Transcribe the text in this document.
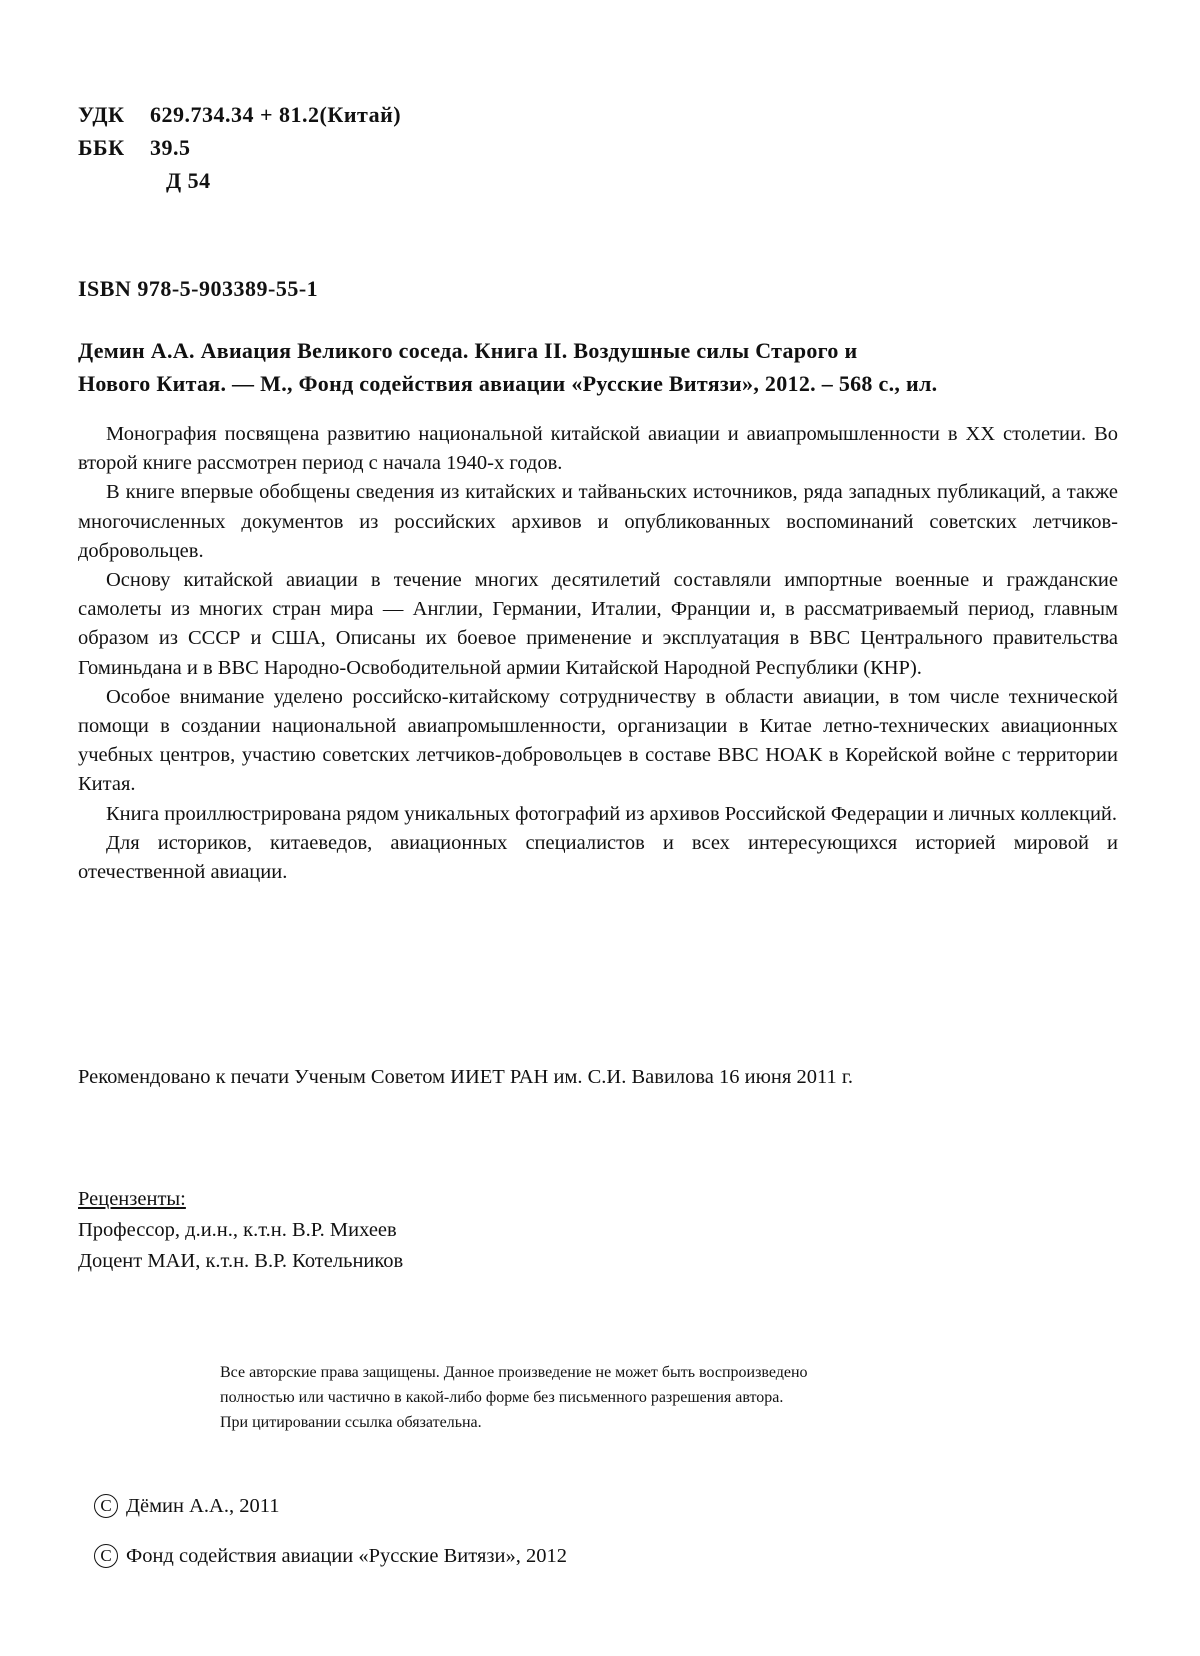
УДК	629.734.34 + 81.2(Китай)
ББК	39.5
Д 54
ISBN 978-5-903389-55-1
Демин А.А. Авиация Великого соседа. Книга II. Воздушные силы Старого и
Нового Китая. — М., Фонд содействия авиации «Русские Витязи», 2012. – 568 с., ил.

Монография посвящена развитию национальной китайской авиации и авиапромышленности в XX столетии. Во второй книге рассмотрен период с начала 1940-х годов.

В книге впервые обобщены сведения из китайских и тайваньских источников, ряда западных публикаций, а также многочисленных документов из российских архивов и опубликованных воспоминаний советских летчиков-добровольцев.

Основу китайской авиации в течение многих десятилетий составляли импортные военные и гражданские самолеты из многих стран мира — Англии, Германии, Италии, Франции и, в рассматриваемый период, главным образом из СССР и США, Описаны их боевое применение и эксплуатация в ВВС Центрального правительства Гоминьдана и в ВВС Народно-Освободительной армии Китайской Народной Республики (КНР).

Особое внимание уделено российско-китайскому сотрудничеству в области авиации, в том числе технической помощи в создании национальной авиапромышленности, организации в Китае летно-технических авиационных учебных центров, участию советских летчиков-добровольцев в составе ВВС НОАК в Корейской войне с территории Китая.

Книга проиллюстрирована рядом уникальных фотографий из архивов Российской Федерации и личных коллекций.

Для историков, китаеведов, авиационных специалистов и всех интересующихся историей мировой и отечественной авиации.

Рекомендовано к печати Ученым Советом ИИЕТ РАН им. С.И. Вавилова 16 июня 2011 г.
Рецензенты:
Профессор, д.и.н., к.т.н. В.Р. Михеев
Доцент МАИ, к.т.н. В.Р. Котельников
Все авторские права защищены. Данное произведение не может быть воспроизведено
полностью или частично в какой-либо форме без письменного разрешения автора.
При цитировании ссылка обязательна.
C Дёмин А.А., 2011
C Фонд содействия авиации «Русские Витязи», 2012
